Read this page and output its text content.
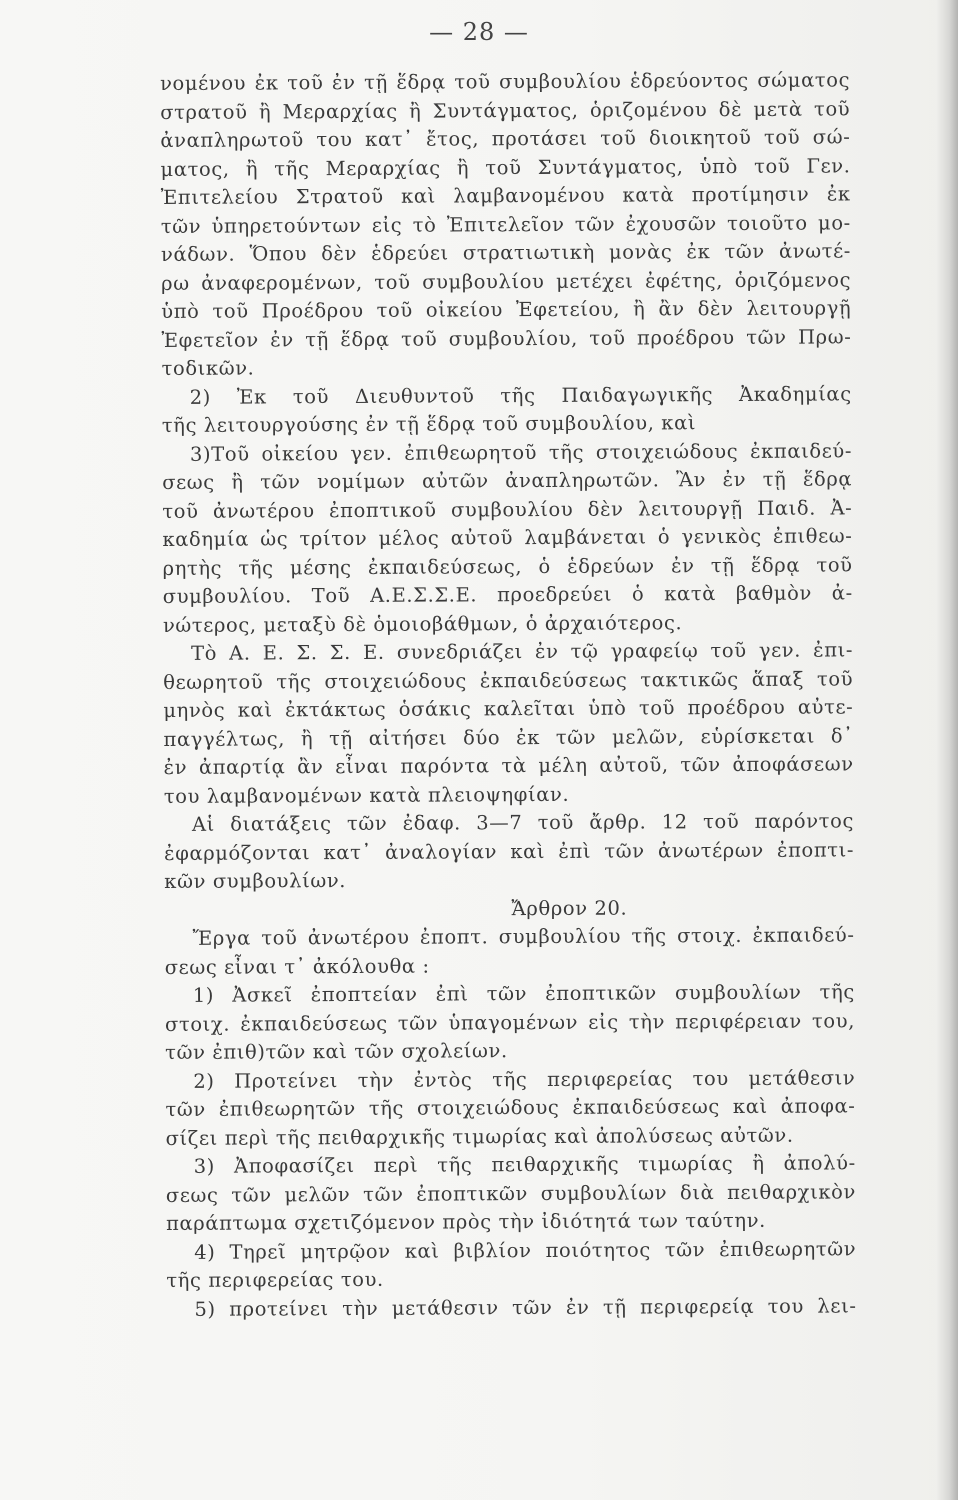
— 28 —
νομένου ἐκ τοῦ ἐν τῇ ἕδρᾳ τοῦ συμβουλίου ἑδρεύοντος σώματος
στρατοῦ ἢ Μεραρχίας ἢ Συντάγματος, ὁριζομένου δὲ μετὰ τοῦ
ἀναπληρωτοῦ του κατ᾽ ἔτος, προτάσει τοῦ διοικητοῦ τοῦ σώ-
ματος, ἢ τῆς Μεραρχίας ἢ τοῦ Συντάγματος, ὑπὸ τοῦ Γεν.
Ἐπιτελείου Στρατοῦ καὶ λαμβανομένου κατὰ προτίμησιν ἐκ
τῶν ὑπηρετούντων εἰς τὸ Ἐπιτελεῖον τῶν ἐχουσῶν τοιοῦτο μο-
νάδων. Ὅπου δὲν ἑδρεύει στρατιωτικὴ μονὰς ἐκ τῶν ἀνωτέ-
ρω ἀναφερομένων, τοῦ συμβουλίου μετέχει ἐφέτης, ὁριζόμενος
ὑπὸ τοῦ Προέδρου τοῦ οἰκείου Ἐφετείου, ἢ ἂν δὲν λειτουργῇ
Ἐφετεῖον ἐν τῇ ἕδρᾳ τοῦ συμβουλίου, τοῦ προέδρου τῶν Πρω-
τοδικῶν.
2) Ἐκ τοῦ Διευθυντοῦ τῆς Παιδαγωγικῆς Ἀκαδημίας
τῆς λειτουργούσης ἐν τῇ ἕδρᾳ τοῦ συμβουλίου, καὶ
3)Τοῦ οἰκείου γεν. ἐπιθεωρητοῦ τῆς στοιχειώδους ἐκπαιδεύ-
σεως ἢ τῶν νομίμων αὐτῶν ἀναπληρωτῶν. Ἂν ἐν τῇ ἕδρᾳ
τοῦ ἀνωτέρου ἐποπτικοῦ συμβουλίου δὲν λειτουργῇ Παιδ. Ἀ-
καδημία ὡς τρίτον μέλος αὐτοῦ λαμβάνεται ὁ γενικὸς ἐπιθεω-
ρητὴς τῆς μέσης ἐκπαιδεύσεως, ὁ ἑδρεύων ἐν τῇ ἕδρᾳ τοῦ
συμβουλίου. Τοῦ Α.Ε.Σ.Σ.Ε. προεδρεύει ὁ κατὰ βαθμὸν ἀ-
νώτερος, μεταξὺ δὲ ὁμοιοβάθμων, ὁ ἀρχαιότερος.
Τὸ Α. Ε. Σ. Σ. Ε. συνεδριάζει ἐν τῷ γραφείῳ τοῦ γεν. ἐπι-
θεωρητοῦ τῆς στοιχειώδους ἐκπαιδεύσεως τακτικῶς ἅπαξ τοῦ
μηνὸς καὶ ἐκτάκτως ὁσάκις καλεῖται ὑπὸ τοῦ προέδρου αὐτε-
παγγέλτως, ἢ τῇ αἰτήσει δύο ἐκ τῶν μελῶν, εὑρίσκεται δ᾽
ἐν ἀπαρτίᾳ ἂν εἶναι παρόντα τὰ μέλη αὐτοῦ, τῶν ἀποφάσεων
του λαμβανομένων κατὰ πλειοψηφίαν.
Αἱ διατάξεις τῶν ἐδαφ. 3—7 τοῦ ἄρθρ. 12 τοῦ παρόντος
ἐφαρμόζονται κατ᾽ ἀναλογίαν καὶ ἐπὶ τῶν ἀνωτέρων ἐποπτι-
κῶν συμβουλίων.
Ἄρθρον 20.
Ἔργα τοῦ ἀνωτέρου ἐποπτ. συμβουλίου τῆς στοιχ. ἐκπαιδεύ-
σεως εἶναι τ᾽ ἀκόλουθα :
1) Ἀσκεῖ ἐποπτείαν ἐπὶ τῶν ἐποπτικῶν συμβουλίων τῆς
στοιχ. ἐκπαιδεύσεως τῶν ὑπαγομένων εἰς τὴν περιφέρειαν του,
τῶν ἐπιθ)τῶν καὶ τῶν σχολείων.
2) Προτείνει τὴν ἐντὸς τῆς περιφερείας του μετάθεσιν
τῶν ἐπιθεωρητῶν τῆς στοιχειώδους ἐκπαιδεύσεως καὶ ἀποφα-
σίζει περὶ τῆς πειθαρχικῆς τιμωρίας καὶ ἀπολύσεως αὐτῶν.
3) Ἀποφασίζει περὶ τῆς πειθαρχικῆς τιμωρίας ἢ ἀπολύ-
σεως τῶν μελῶν τῶν ἐποπτικῶν συμβουλίων διὰ πειθαρχικὸν
παράπτωμα σχετιζόμενον πρὸς τὴν ἰδιότητά των ταύτην.
4) Τηρεῖ μητρῷον καὶ βιβλίον ποιότητος τῶν ἐπιθεωρητῶν
τῆς περιφερείας του.
5) προτείνει τὴν μετάθεσιν τῶν ἐν τῇ περιφερείᾳ του λει-
